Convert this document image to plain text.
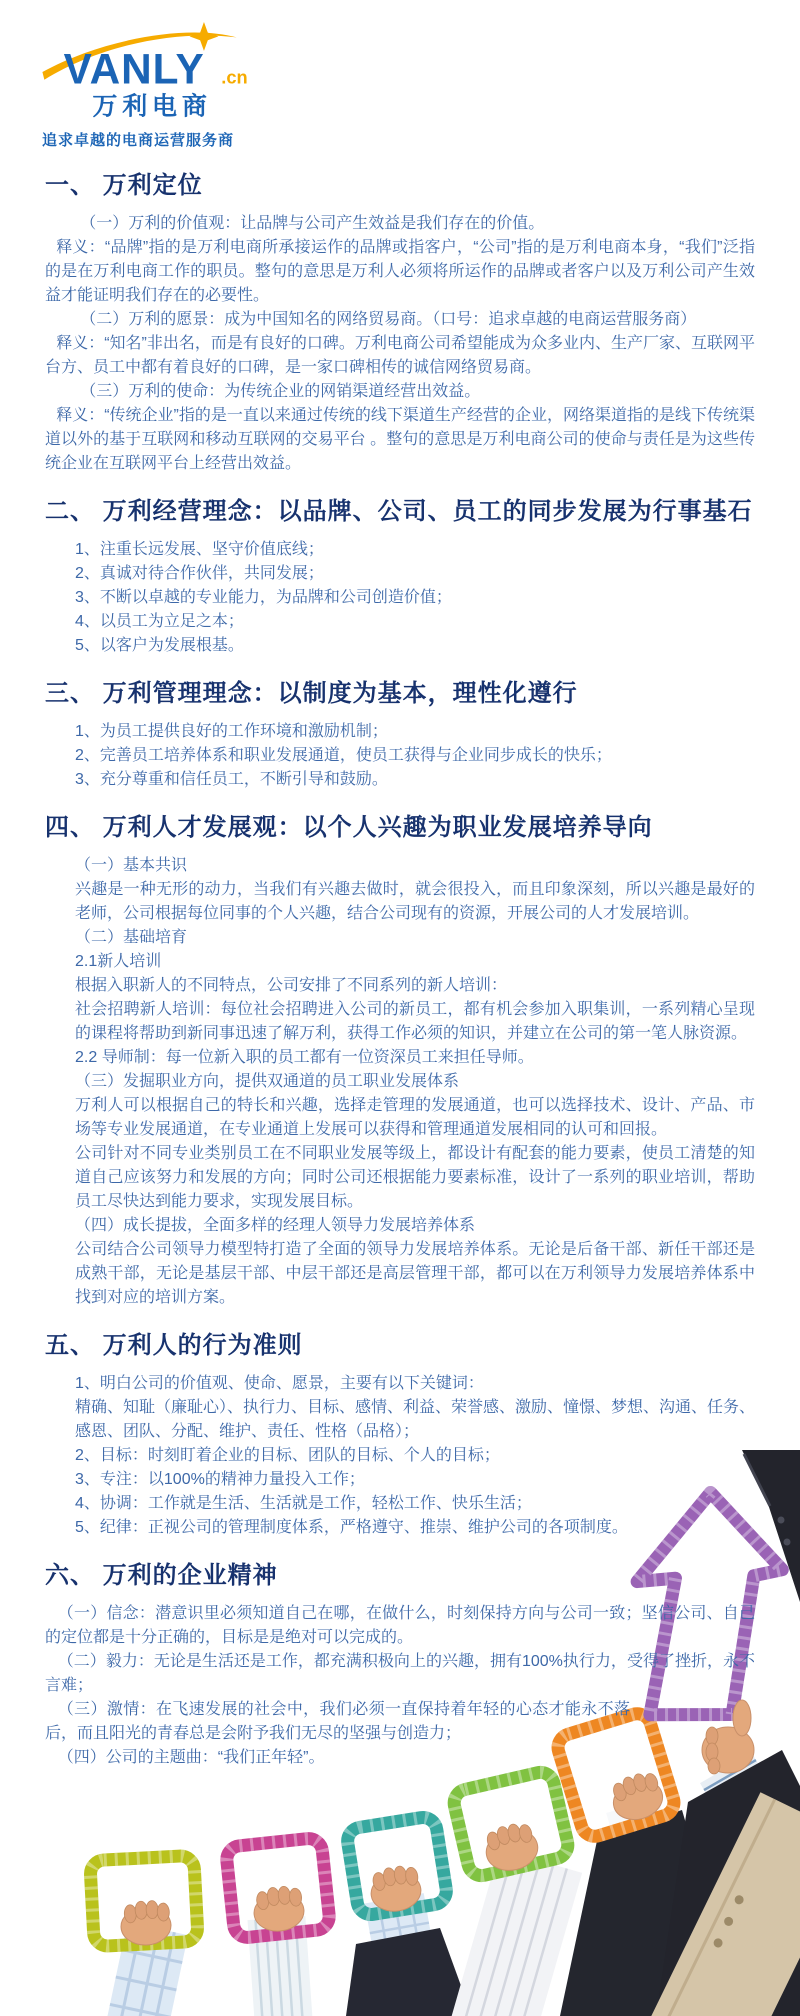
VANLY .cn
万利电商
追求卓越的电商运营服务商
一、 万利定位

（一）万利的价值观：让品牌与公司产生效益是我们存在的价值。

释义：“品牌”指的是万利电商所承接运作的品牌或指客户，“公司”指的是万利电商本身，“我们”泛指的是在万利电商工作的职员。整句的意思是万利人必须将所运作的品牌或者客户以及万利公司产生效益才能证明我们存在的必要性。

（二）万利的愿景：成为中国知名的网络贸易商。（口号：追求卓越的电商运营服务商）

释义：“知名”非出名，而是有良好的口碑。万利电商公司希望能成为众多业内、生产厂家、互联网平台方、员工中都有着良好的口碑，是一家口碑相传的诚信网络贸易商。

（三）万利的使命：为传统企业的网销渠道经营出效益。

释义：“传统企业”指的是一直以来通过传统的线下渠道生产经营的企业，网络渠道指的是线下传统渠道以外的基于互联网和移动互联网的交易平台 。整句的意思是万利电商公司的使命与责任是为这些传统企业在互联网平台上经营出效益。

二、 万利经营理念：以品牌、公司、员工的同步发展为行事基石

1、注重长远发展、坚守价值底线；

2、真诚对待合作伙伴，共同发展；

3、不断以卓越的专业能力，为品牌和公司创造价值；

4、以员工为立足之本；

5、以客户为发展根基。

三、 万利管理理念：以制度为基本，理性化遵行

1、为员工提供良好的工作环境和激励机制；

2、完善员工培养体系和职业发展通道，使员工获得与企业同步成长的快乐；

3、充分尊重和信任员工，不断引导和鼓励。

四、 万利人才发展观：以个人兴趣为职业发展培养导向

（一）基本共识

兴趣是一种无形的动力，当我们有兴趣去做时，就会很投入，而且印象深刻，所以兴趣是最好的老师，公司根据每位同事的个人兴趣，结合公司现有的资源，开展公司的人才发展培训。

（二）基础培育

2.1新人培训

根据入职新人的不同特点，公司安排了不同系列的新人培训：

社会招聘新人培训：每位社会招聘进入公司的新员工，都有机会参加入职集训，一系列精心呈现的课程将帮助到新同事迅速了解万利，获得工作必须的知识，并建立在公司的第一笔人脉资源。

2.2 导师制：每一位新入职的员工都有一位资深员工来担任导师。

（三）发掘职业方向，提供双通道的员工职业发展体系

万利人可以根据自己的特长和兴趣，选择走管理的发展通道，也可以选择技术、设计、产品、市场等专业发展通道，在专业通道上发展可以获得和管理通道发展相同的认可和回报。

公司针对不同专业类别员工在不同职业发展等级上，都设计有配套的能力要素，使员工清楚的知道自己应该努力和发展的方向；同时公司还根据能力要素标准，设计了一系列的职业培训，帮助员工尽快达到能力要求，实现发展目标。

（四）成长提拔，全面多样的经理人领导力发展培养体系

公司结合公司领导力模型特打造了全面的领导力发展培养体系。无论是后备干部、新任干部还是成熟干部，无论是基层干部、中层干部还是高层管理干部，都可以在万利领导力发展培养体系中找到对应的培训方案。

五、 万利人的行为准则

1、明白公司的价值观、使命、愿景，主要有以下关键词：

精确、知耻（廉耻心）、执行力、目标、感情、利益、荣誉感、激励、憧憬、梦想、沟通、任务、感恩、团队、分配、维护、责任、性格（品格）；

2、目标：时刻盯着企业的目标、团队的目标、个人的目标；

3、专注：以100%的精神力量投入工作；

4、协调：工作就是生活、生活就是工作，轻松工作、快乐生活；

5、纪律：正视公司的管理制度体系，严格遵守、推崇、维护公司的各项制度。

六、 万利的企业精神

（一）信念：潜意识里必须知道自己在哪，在做什么，时刻保持方向与公司一致；坚信公司、自己的定位都是十分正确的，目标是是绝对可以完成的。

（二）毅力：无论是生活还是工作，都充满积极向上的兴趣，拥有100%执行力，受得了挫折，永不言难；

（三）激情：在飞速发展的社会中，我们必须一直保持着年轻的心态才能永不落后，而且阳光的青春总是会附予我们无尽的坚强与创造力；

（四）公司的主题曲：“我们正年轻”。
